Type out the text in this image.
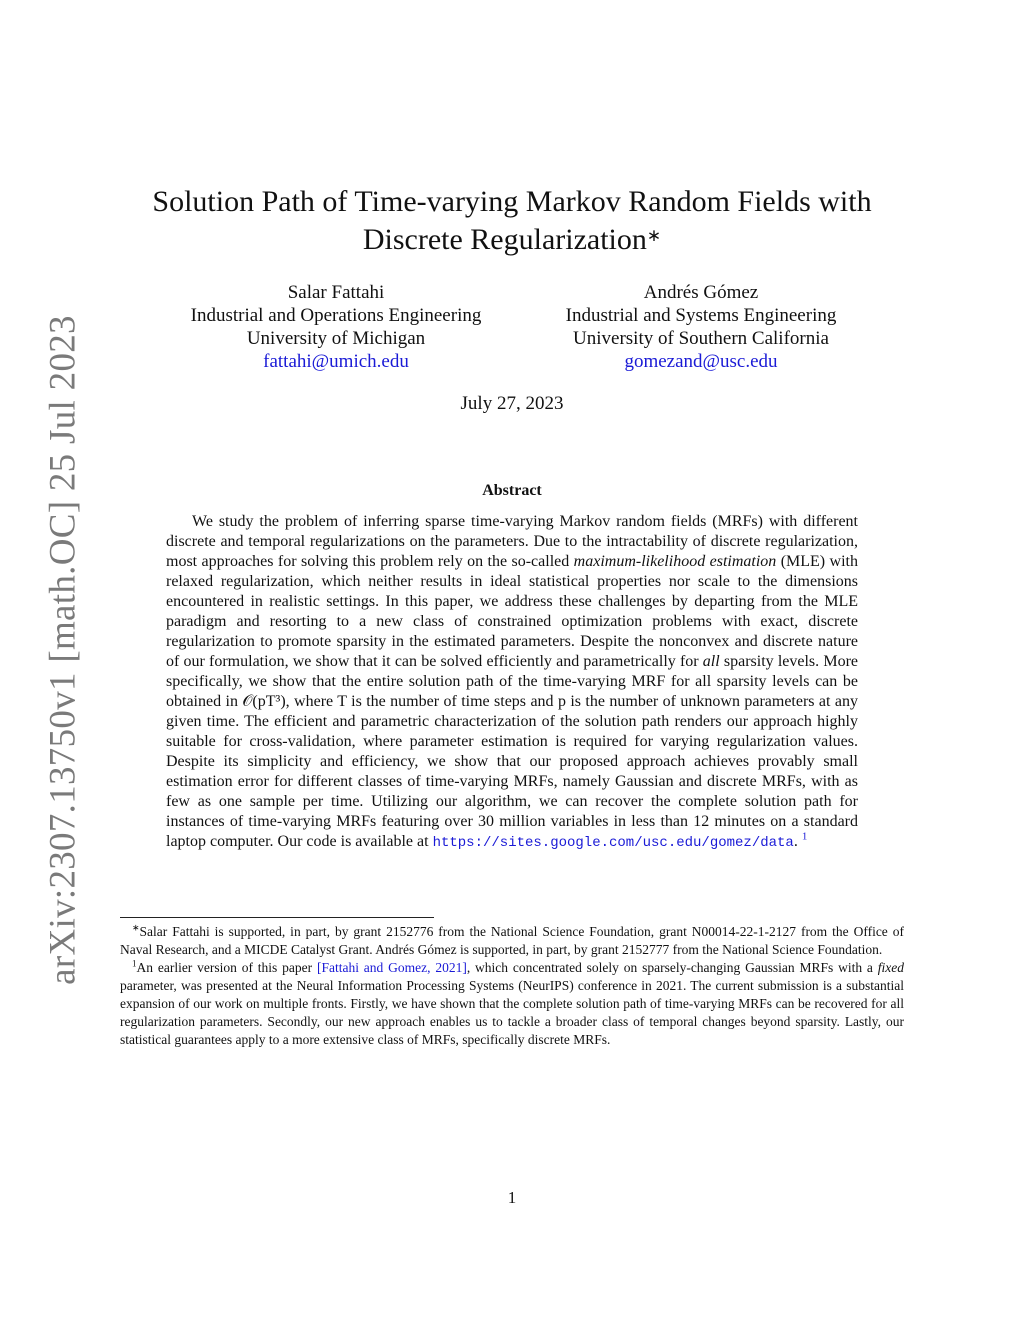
arXiv:2307.13750v1 [math.OC] 25 Jul 2023
Solution Path of Time-varying Markov Random Fields with Discrete Regularization∗
Salar Fattahi
Industrial and Operations Engineering
University of Michigan
fattahi@umich.edu
Andrés Gómez
Industrial and Systems Engineering
University of Southern California
gomezand@usc.edu
July 27, 2023
Abstract

We study the problem of inferring sparse time-varying Markov random fields (MRFs) with different discrete and temporal regularizations on the parameters. Due to the intractability of discrete regularization, most approaches for solving this problem rely on the so-called maximum-likelihood estimation (MLE) with relaxed regularization, which neither results in ideal statistical properties nor scale to the dimensions encountered in realistic settings. In this paper, we address these challenges by departing from the MLE paradigm and resorting to a new class of constrained optimization problems with exact, discrete regularization to promote sparsity in the estimated parameters. Despite the nonconvex and discrete nature of our formulation, we show that it can be solved efficiently and parametrically for all sparsity levels. More specifically, we show that the entire solution path of the time-varying MRF for all sparsity levels can be obtained in 𝒪(pT³), where T is the number of time steps and p is the number of unknown parameters at any given time. The efficient and parametric characterization of the solution path renders our approach highly suitable for cross-validation, where parameter estimation is required for varying regularization values. Despite its simplicity and efficiency, we show that our proposed approach achieves provably small estimation error for different classes of time-varying MRFs, namely Gaussian and discrete MRFs, with as few as one sample per time. Utilizing our algorithm, we can recover the complete solution path for instances of time-varying MRFs featuring over 30 million variables in less than 12 minutes on a standard laptop computer. Our code is available at https://sites.google.com/usc.edu/gomez/data. $^1$

∗Salar Fattahi is supported, in part, by grant 2152776 from the National Science Foundation, grant N00014-22-1-2127 from the Office of Naval Research, and a MICDE Catalyst Grant. Andrés Gómez is supported, in part, by grant 2152777 from the National Science Foundation.

$^1$An earlier version of this paper [Fattahi and Gomez, 2021], which concentrated solely on sparsely-changing Gaussian MRFs with a fixed parameter, was presented at the Neural Information Processing Systems (NeurIPS) conference in 2021. The current submission is a substantial expansion of our work on multiple fronts. Firstly, we have shown that the complete solution path of time-varying MRFs can be recovered for all regularization parameters. Secondly, our new approach enables us to tackle a broader class of temporal changes beyond sparsity. Lastly, our statistical guarantees apply to a more extensive class of MRFs, specifically discrete MRFs.

1
